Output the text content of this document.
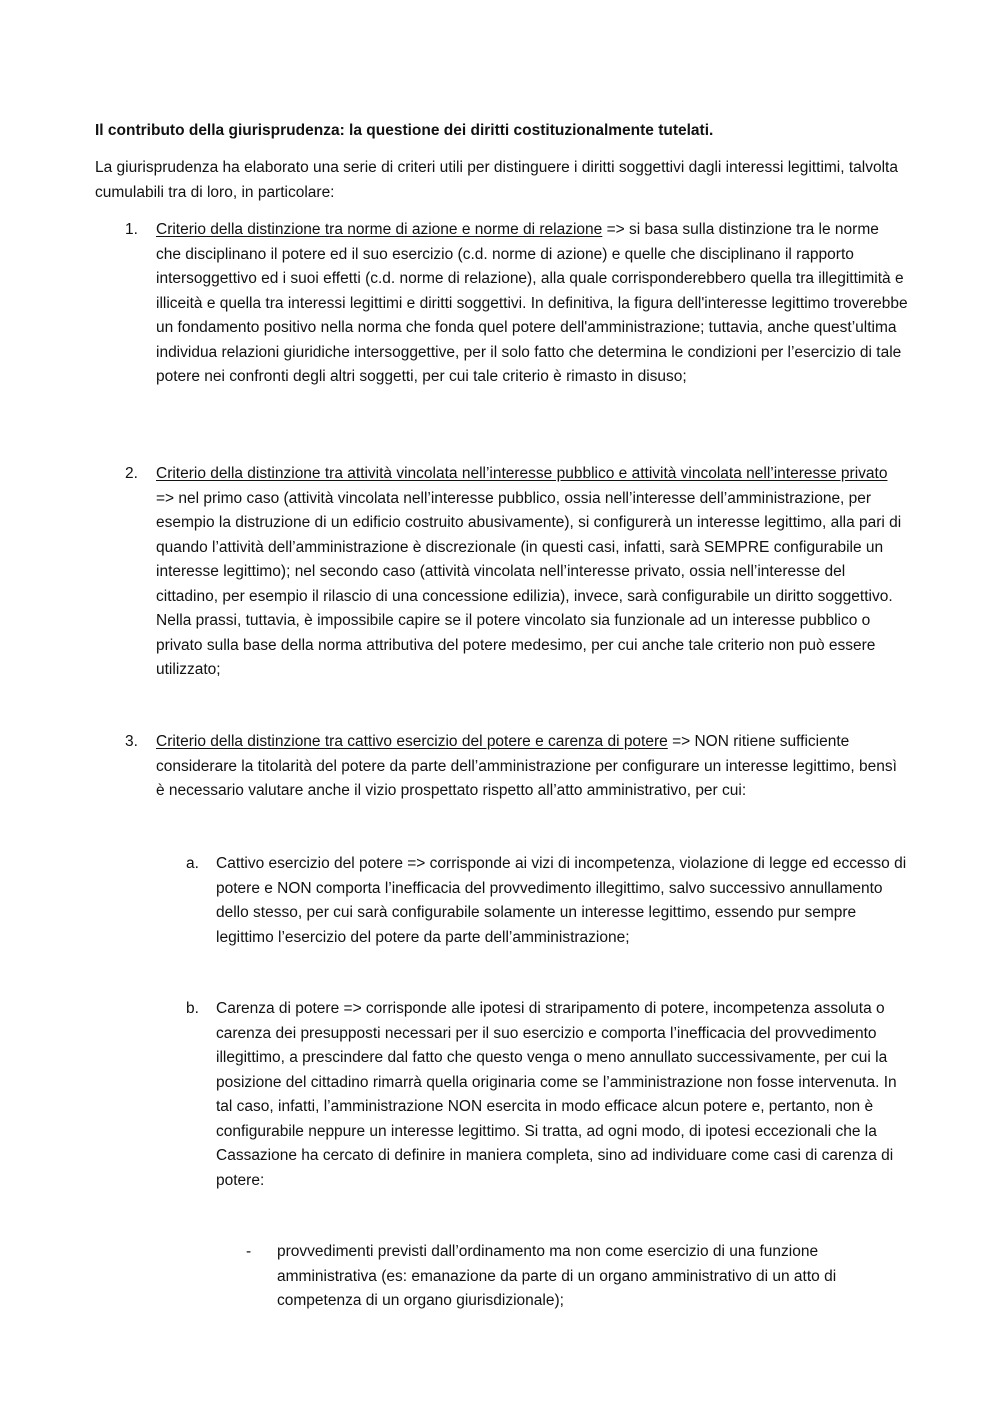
Il contributo della giurisprudenza: la questione dei diritti costituzionalmente tutelati.

La giurisprudenza ha elaborato una serie di criteri utili per distinguere i diritti soggettivi dagli interessi legittimi, talvolta cumulabili tra di loro, in particolare:

1. Criterio della distinzione tra norme di azione e norme di relazione => si basa sulla distinzione tra le norme che disciplinano il potere ed il suo esercizio (c.d. norme di azione) e quelle che disciplinano il rapporto intersoggettivo ed i suoi effetti (c.d. norme di relazione), alla quale corrisponderebbero quella tra illegittimità e illiceità e quella tra interessi legittimi e diritti soggettivi. In definitiva, la figura dell'interesse legittimo troverebbe un fondamento positivo nella norma che fonda quel potere dell'amministrazione; tuttavia, anche quest’ultima individua relazioni giuridiche intersoggettive, per il solo fatto che determina le condizioni per l’esercizio di tale potere nei confronti degli altri soggetti, per cui tale criterio è rimasto in disuso;

2. Criterio della distinzione tra attività vincolata nell’interesse pubblico e attività vincolata nell’interesse privato => nel primo caso (attività vincolata nell’interesse pubblico, ossia nell’interesse dell’amministrazione, per esempio la distruzione di un edificio costruito abusivamente), si configurerà un interesse legittimo, alla pari di quando l’attività dell’amministrazione è discrezionale (in questi casi, infatti, sarà SEMPRE configurabile un interesse legittimo); nel secondo caso (attività vincolata nell’interesse privato, ossia nell’interesse del cittadino, per esempio il rilascio di una concessione edilizia), invece, sarà configurabile un diritto soggettivo. Nella prassi, tuttavia, è impossibile capire se il potere vincolato sia funzionale ad un interesse pubblico o privato sulla base della norma attributiva del potere medesimo, per cui anche tale criterio non può essere utilizzato;

3. Criterio della distinzione tra cattivo esercizio del potere e carenza di potere => NON ritiene sufficiente considerare la titolarità del potere da parte dell’amministrazione per configurare un interesse legittimo, bensì è necessario valutare anche il vizio prospettato rispetto all’atto amministrativo, per cui:

a. Cattivo esercizio del potere => corrisponde ai vizi di incompetenza, violazione di legge ed eccesso di potere e NON comporta l’inefficacia del provvedimento illegittimo, salvo successivo annullamento dello stesso, per cui sarà configurabile solamente un interesse legittimo, essendo pur sempre legittimo l’esercizio del potere da parte dell’amministrazione;

b. Carenza di potere => corrisponde alle ipotesi di straripamento di potere, incompetenza assoluta o carenza dei presupposti necessari per il suo esercizio e comporta l’inefficacia del provvedimento illegittimo, a prescindere dal fatto che questo venga o meno annullato successivamente, per cui la posizione del cittadino rimarrà quella originaria come se l’amministrazione non fosse intervenuta. In tal caso, infatti, l’amministrazione NON esercita in modo efficace alcun potere e, pertanto, non è configurabile neppure un interesse legittimo. Si tratta, ad ogni modo, di ipotesi eccezionali che la Cassazione ha cercato di definire in maniera completa, sino ad individuare come casi di carenza di potere:

- provvedimenti previsti dall’ordinamento ma non come esercizio di una funzione amministrativa (es: emanazione da parte di un organo amministrativo di un atto di competenza di un organo giurisdizionale);
